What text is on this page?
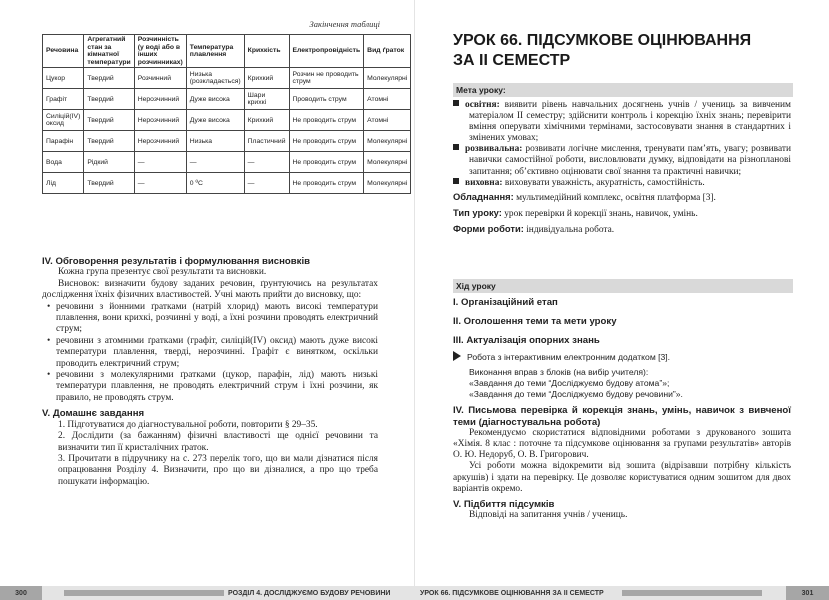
Закінчення таблиці
Речовина	Агрегатний стан за кімнатної температури	Розчинність (у воді або в інших розчинниках)	Температура плавлення	Крихкість	Електропровідність	Вид ґраток
Цукор	Твердий	Розчинний	Низька (розкладається)	Крихкий	Розчин не проводить струм	Молекулярні
Графіт	Твердий	Нерозчинний	Дуже висока	Шари крихкі	Проводить струм	Атомні
Силіцій(IV) оксид	Твердий	Нерозчинний	Дуже висока	Крихкий	Не проводить струм	Атомні
Парафін	Твердий	Нерозчинний	Низька	Пластичний	Не проводить струм	Молекулярні
Вода	Рідкий	—	—	—	Не проводить струм	Молекулярні
Лід	Твердий	—	0 ºС	—	Не проводить струм	Молекулярні
IV. Обговорення результатів і формулювання висновків

Кожна група презентує свої результати та висновки.

Висновок: визначити будову заданих речовин, ґрунтуючись на результатах дослідження їхніх фізичних властивостей. Учні мають прийти до висновку, що:

• речовини з йонними ґратками (натрій хлорид) мають високі температури плавлення, вони крихкі, розчинні у воді, а їхні розчини проводять електричний струм;
• речовини з атомними ґратками (графіт, силіцій(IV) оксид) мають дуже високі температури плавлення, тверді, нерозчинні. Графіт є винятком, оскільки проводить електричний струм;
• речовини з молекулярними ґратками (цукор, парафін, лід) мають низькі температури плавлення, не проводять електричний струм і їхні розчини, як правило, не проводять струм.
V. Домашнє завдання
1. Підготуватися до діагностувальної роботи, повторити § 29–35.
2. Дослідити (за бажанням) фізичні властивості ще однієї речовини та визначити тип її кристалічних ґраток.
3. Прочитати в підручнику на с. 273 перелік того, що ви мали дізнатися після опрацювання Розділу 4. Визначити, про що ви дізналися, а про що треба пошукати інформацію.
УРОК 66. ПІДСУМКОВЕ ОЦІНЮВАННЯ
ЗА ІІ СЕМЕСТР
Мета уроку:
освітня: виявити рівень навчальних досягнень учнів / учениць за вивченим матеріалом ІІ семестру; здійснити контроль і корекцію їхніх знань; перевірити вміння оперувати хімічними термінами, застосовувати знання в стандартних і змінених умовах;
розвивальна: розвивати логічне мислення, тренувати пам’ять, увагу; розвивати навички самостійної роботи, висловлювати думку, відповідати на різнопланові запитання; об’єктивно оцінювати свої знання та практичні навички;
виховна: виховувати уважність, акуратність, самостійність.
Обладнання: мультимедійний комплекс, освітня платформа [3].
Тип уроку: урок перевірки й корекції знань, навичок, умінь.
Форми роботи: індивідуальна робота.
Хід уроку
I. Організаційний етап
II. Оголошення теми та мети уроку
III. Актуалізація опорних знань
Робота з інтерактивним електронним додатком [3].
Виконання вправ з блоків (на вибір учителя):
«Завдання до теми “Досліджуємо будову атома”»;
«Завдання до теми “Досліджуємо будову речовини”».
IV. Письмова перевірка й корекція знань, умінь, навичок з вивченої теми (діагностувальна робота)

Рекомендуємо скористатися відповідними роботами з друкованого зошита «Хімія. 8 клас : поточне та підсумкове оцінювання за групами результатів» авторів О. Ю. Недоруб, О. В. Григорович.

Усі роботи можна відокремити від зошита (відрізавши потрібну кількість аркушів) і здати на перевірку. Це дозволяє користуватися одним зошитом для двох варіантів окремо.

V. Підбиття підсумків

Відповіді на запитання учнів / учениць.

300	РОЗДІЛ 4. ДОСЛІДЖУЄМО БУДОВУ РЕЧОВИНИ	УРОК 66. ПІДСУМКОВЕ ОЦІНЮВАННЯ ЗА ІІ СЕМЕСТР	301
